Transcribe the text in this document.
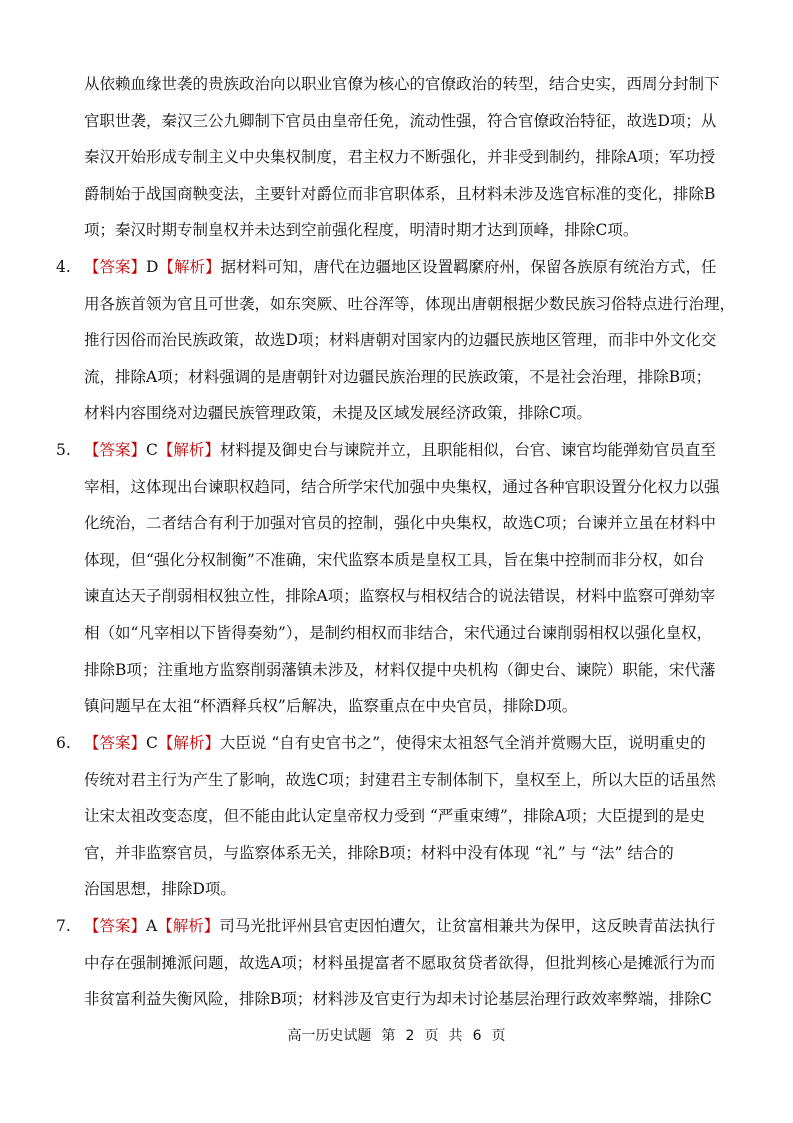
从依赖血缘世袭的贵族政治向以职业官僚为核心的官僚政治的转型，结合史实，西周分封制下
官职世袭，秦汉三公九卿制下官员由皇帝任免，流动性强，符合官僚政治特征，故选D项；从
秦汉开始形成专制主义中央集权制度，君主权力不断强化，并非受到制约，排除A项；军功授
爵制始于战国商鞅变法，主要针对爵位而非官职体系，且材料未涉及选官标准的变化，排除B
项；秦汉时期专制皇权并未达到空前强化程度，明清时期才达到顶峰，排除C项。
4. 【答案】D【解析】据材料可知，唐代在边疆地区设置羁縻府州，保留各族原有统治方式，任
用各族首领为官且可世袭，如东突厥、吐谷浑等，体现出唐朝根据少数民族习俗特点进行治理，
推行因俗而治民族政策，故选D项；材料唐朝对国家内的边疆民族地区管理，而非中外文化交
流，排除A项；材料强调的是唐朝针对边疆民族治理的民族政策，不是社会治理，排除B项；
材料内容围绕对边疆民族管理政策，未提及区域发展经济政策，排除C项。
5. 【答案】C【解析】材料提及御史台与谏院并立，且职能相似，台官、谏官均能弹劾官员直至
宰相，这体现出台谏职权趋同，结合所学宋代加强中央集权，通过各种官职设置分化权力以强
化统治，二者结合有利于加强对官员的控制，强化中央集权，故选C项；台谏并立虽在材料中
体现，但“强化分权制衡”不准确，宋代监察本质是皇权工具，旨在集中控制而非分权，如台
谏直达天子削弱相权独立性，排除A项；监察权与相权结合的说法错误，材料中监察可弹劾宰
相（如“凡宰相以下皆得奏劾”），是制约相权而非结合，宋代通过台谏削弱相权以强化皇权，
排除B项；注重地方监察削弱藩镇未涉及，材料仅提中央机构（御史台、谏院）职能，宋代藩
镇问题早在太祖“杯酒释兵权”后解决，监察重点在中央官员，排除D项。
6. 【答案】C【解析】大臣说 “自有史官书之”，使得宋太祖怒气全消并赏赐大臣，说明重史的
传统对君主行为产生了影响，故选C项；封建君主专制体制下，皇权至上，所以大臣的话虽然
让宋太祖改变态度，但不能由此认定皇帝权力受到 “严重束缚”，排除A项；大臣提到的是史
官，并非监察官员，与监察体系无关，排除B项；材料中没有体现 “礼” 与 “法” 结合的
治国思想，排除D项。
7. 【答案】A【解析】司马光批评州县官吏因怕遭欠，让贫富相兼共为保甲，这反映青苗法执行
中存在强制摊派问题，故选A项；材料虽提富者不愿取贫贷者欲得，但批判核心是摊派行为而
非贫富利益失衡风险，排除B项；材料涉及官吏行为却未讨论基层治理行政效率弊端，排除C
高一历史试题 第 2 页 共 6 页
